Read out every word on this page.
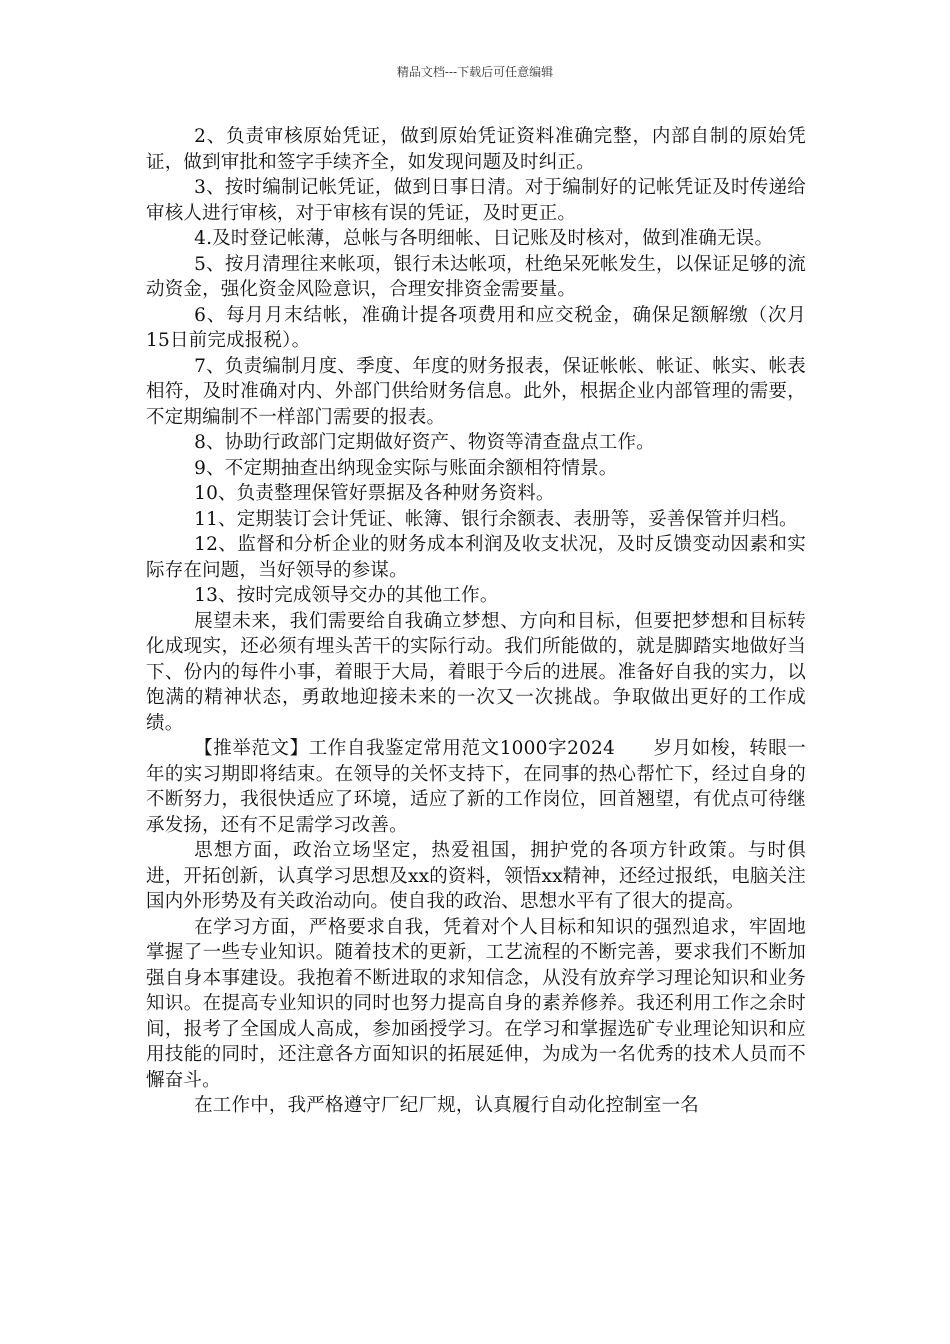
精品文档---下载后可任意编辑

2、负责审核原始凭证，做到原始凭证资料准确完整，内部自制的原始凭证，做到审批和签字手续齐全，如发现问题及时纠正。

3、按时编制记帐凭证，做到日事日清。对于编制好的记帐凭证及时传递给审核人进行审核，对于审核有误的凭证，及时更正。

4.及时登记帐薄，总帐与各明细帐、日记账及时核对，做到准确无误。

5、按月清理往来帐项，银行未达帐项，杜绝呆死帐发生，以保证足够的流动资金，强化资金风险意识，合理安排资金需要量。

6、每月月末结帐，准确计提各项费用和应交税金，确保足额解缴（次月15日前完成报税）。

7、负责编制月度、季度、年度的财务报表，保证帐帐、帐证、帐实、帐表相符，及时准确对内、外部门供给财务信息。此外，根据企业内部管理的需要，不定期编制不一样部门需要的报表。

8、协助行政部门定期做好资产、物资等清查盘点工作。

9、不定期抽查出纳现金实际与账面余额相符情景。

10、负责整理保管好票据及各种财务资料。

11、定期装订会计凭证、帐簿、银行余额表、表册等，妥善保管并归档。

12、监督和分析企业的财务成本利润及收支状况，及时反馈变动因素和实际存在问题，当好领导的参谋。

13、按时完成领导交办的其他工作。

展望未来，我们需要给自我确立梦想、方向和目标，但要把梦想和目标转化成现实，还必须有埋头苦干的实际行动。我们所能做的，就是脚踏实地做好当下、份内的每件小事，着眼于大局，着眼于今后的进展。准备好自我的实力，以饱满的精神状态，勇敢地迎接未来的一次又一次挑战。争取做出更好的工作成绩。

【推举范文】工作自我鉴定常用范文1000字2024　　岁月如梭，转眼一年的实习期即将结束。在领导的关怀支持下，在同事的热心帮忙下，经过自身的不断努力，我很快适应了环境，适应了新的工作岗位，回首翘望，有优点可待继承发扬，还有不足需学习改善。

思想方面，政治立场坚定，热爱祖国，拥护党的各项方针政策。与时俱进，开拓创新，认真学习思想及xx的资料，领悟xx精神，还经过报纸，电脑关注国内外形势及有关政治动向。使自我的政治、思想水平有了很大的提高。

在学习方面，严格要求自我，凭着对个人目标和知识的强烈追求，牢固地掌握了一些专业知识。随着技术的更新，工艺流程的不断完善，要求我们不断加强自身本事建设。我抱着不断进取的求知信念，从没有放弃学习理论知识和业务知识。在提高专业知识的同时也努力提高自身的素养修养。我还利用工作之余时间，报考了全国成人高成，参加函授学习。在学习和掌握选矿专业理论知识和应用技能的同时，还注意各方面知识的拓展延伸，为成为一名优秀的技术人员而不懈奋斗。

在工作中，我严格遵守厂纪厂规，认真履行自动化控制室一名
